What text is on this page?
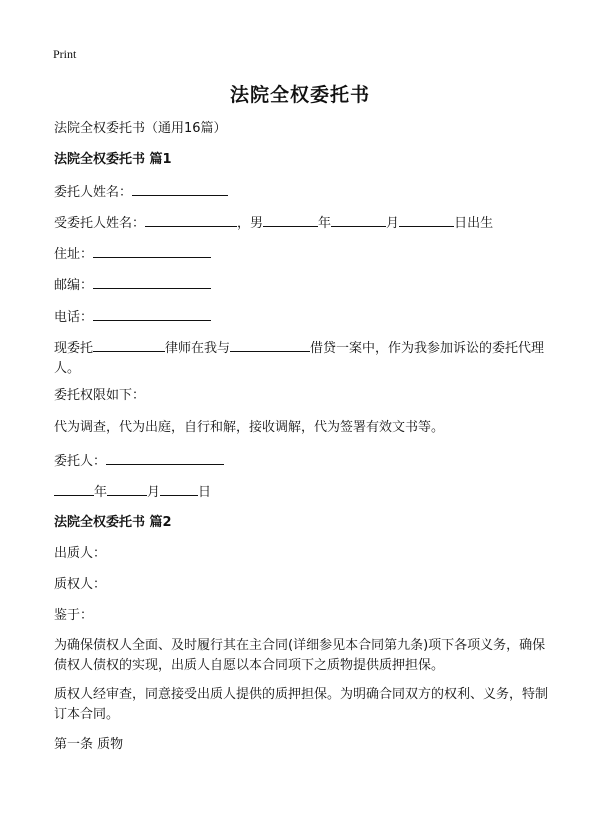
Print
法院全权委托书
法院全权委托书（通用16篇）
法院全权委托书 篇1
委托人姓名：
受委托人姓名：	，男	年	月	日出生
住址：
邮编：
电话：
现委托	律师在我与	借贷一案中，作为我参加诉讼的委托代理人。
委托权限如下：
代为调查，代为出庭，自行和解，接收调解，代为签署有效文书等。
委托人：
年	月	日
法院全权委托书 篇2
出质人：
质权人：
鉴于：
为确保债权人全面、及时履行其在主合同(详细参见本合同第九条)项下各项义务，确保债权人债权的实现，出质人自愿以本合同项下之质物提供质押担保。
质权人经审查，同意接受出质人提供的质押担保。为明确合同双方的权利、义务，特制订本合同。
第一条 质物
